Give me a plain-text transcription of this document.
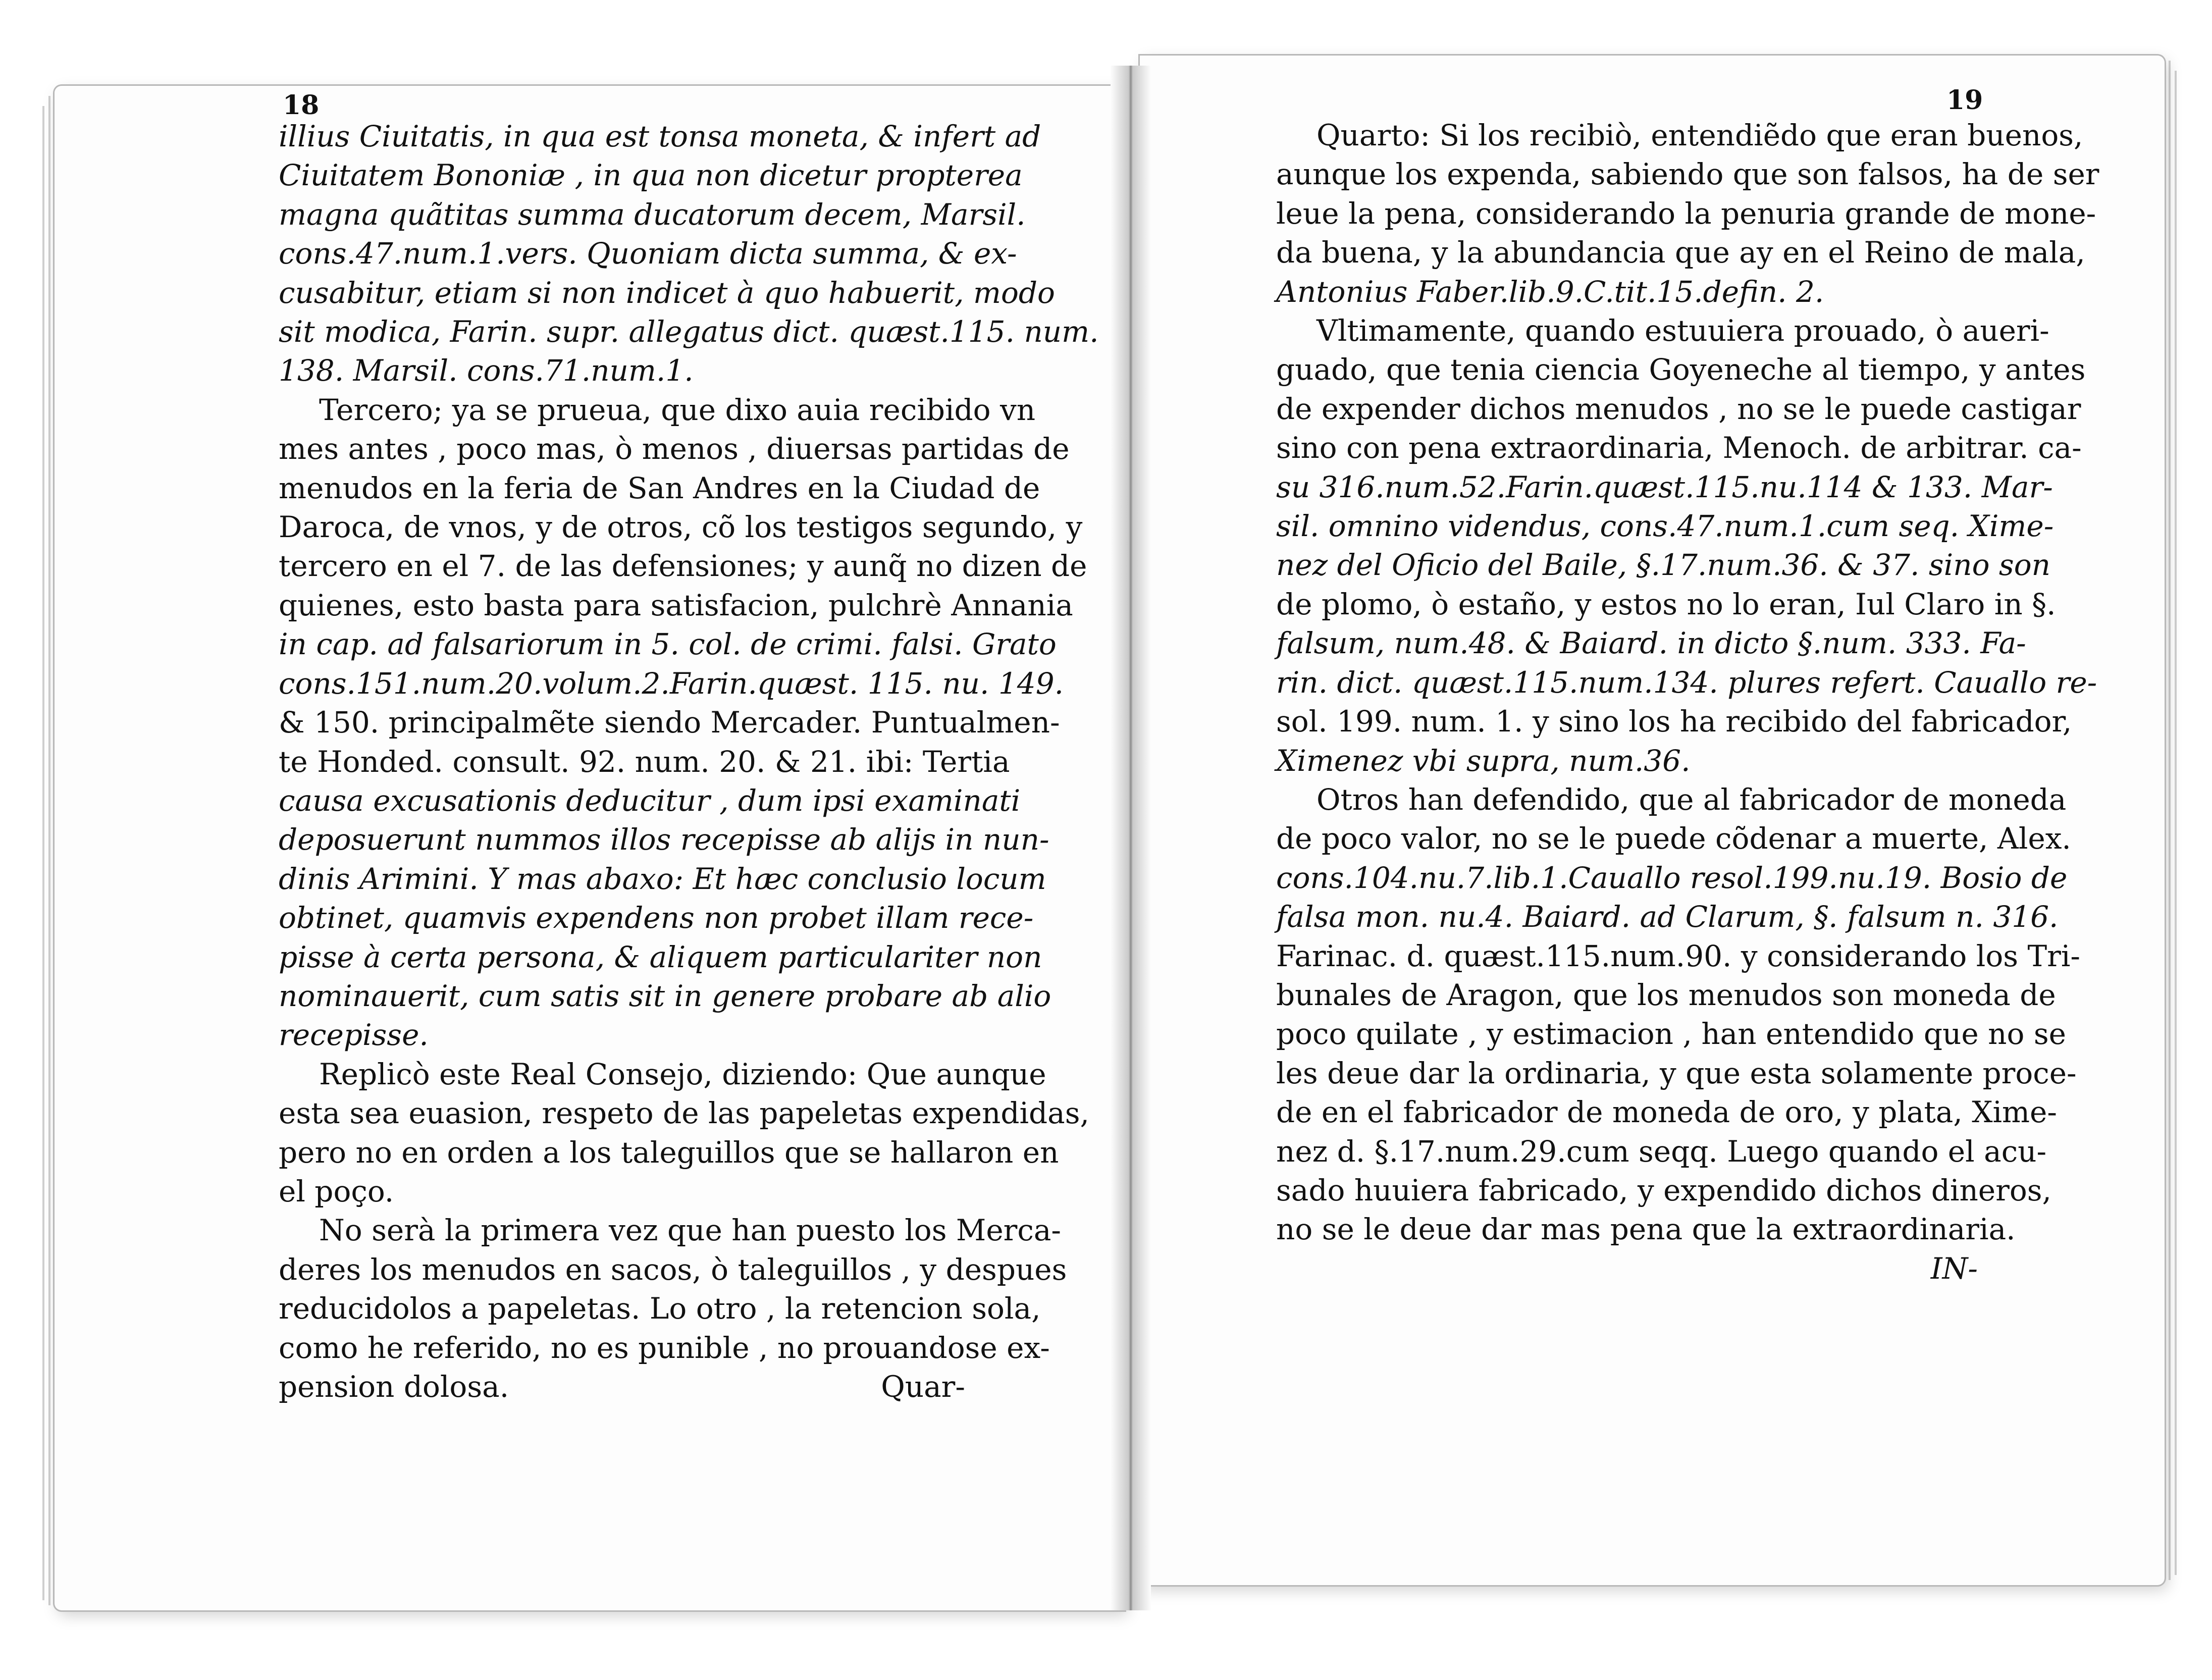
18	19
illius Ciuitatis, in qua est tonsa moneta, & infert ad
Ciuitatem Bononiæ , in qua non dicetur propterea
magna quãtitas summa ducatorum decem, Marsil.
cons.47.num.1.vers. Quoniam dicta summa, & ex-
cusabitur, etiam si non indicet à quo habuerit, modo
sit modica, Farin. supr. allegatus dict. quæst.115. num.
138. Marsil. cons.71.num.1.
Tercero; ya se prueua, que dixo auia recibido vn
mes antes , poco mas, ò menos , diuersas partidas de
menudos en la feria de San Andres en la Ciudad de
Daroca, de vnos, y de otros, cõ los testigos segundo, y
tercero en el 7. de las defensiones; y aunq̃ no dizen de
quienes, esto basta para satisfacion, pulchrè Annania
in cap. ad falsariorum in 5. col. de crimi. falsi. Grato
cons.151.num.20.volum.2.Farin.quæst. 115. nu. 149.
& 150. principalmẽte siendo Mercader. Puntualmen-
te Honded. consult. 92. num. 20. & 21. ibi: Tertia
causa excusationis deducitur , dum ipsi examinati
deposuerunt nummos illos recepisse ab alijs in nun-
dinis Arimini. Y mas abaxo: Et hæc conclusio locum
obtinet, quamvis expendens non probet illam rece-
pisse à certa persona, & aliquem particulariter non
nominauerit, cum satis sit in genere probare ab alio
recepisse.
Replicò este Real Consejo, diziendo: Que aunque
esta sea euasion, respeto de las papeletas expendidas,
pero no en orden a los taleguillos que se hallaron en
el poço.
No serà la primera vez que han puesto los Merca-
deres los menudos en sacos, ò taleguillos , y despues
reducidolos a papeletas. Lo otro , la retencion sola,
como he referido, no es punible , no prouandose ex-
pension dolosa.	Quar-
Quarto: Si los recibiò, entendiẽdo que eran buenos,
aunque los expenda, sabiendo que son falsos, ha de ser
leue la pena, considerando la penuria grande de mone-
da buena, y la abundancia que ay en el Reino de mala,
Antonius Faber.lib.9.C.tit.15.defin. 2.
Vltimamente, quando estuuiera prouado, ò aueri-
guado, que tenia ciencia Goyeneche al tiempo, y antes
de expender dichos menudos , no se le puede castigar
sino con pena extraordinaria, Menoch. de arbitrar. ca-
su 316.num.52.Farin.quæst.115.nu.114 & 133. Mar-
sil. omnino videndus, cons.47.num.1.cum seq. Xime-
nez del Oficio del Baile, §.17.num.36. & 37. sino son
de plomo, ò estaño, y estos no lo eran, Iul Claro in §.
falsum, num.48. & Baiard. in dicto §.num. 333. Fa-
rin. dict. quæst.115.num.134. plures refert. Cauallo re-
sol. 199. num. 1. y sino los ha recibido del fabricador,
Ximenez vbi supra, num.36.
Otros han defendido, que al fabricador de moneda
de poco valor, no se le puede cõdenar a muerte, Alex.
cons.104.nu.7.lib.1.Cauallo resol.199.nu.19. Bosio de
falsa mon. nu.4. Baiard. ad Clarum, §. falsum n. 316.
Farinac. d. quæst.115.num.90. y considerando los Tri-
bunales de Aragon, que los menudos son moneda de
poco quilate , y estimacion , han entendido que no se
les deue dar la ordinaria, y que esta solamente proce-
de en el fabricador de moneda de oro, y plata, Xime-
nez d. §.17.num.29.cum seqq. Luego quando el acu-
sado huuiera fabricado, y expendido dichos dineros,
no se le deue dar mas pena que la extraordinaria.
IN-
